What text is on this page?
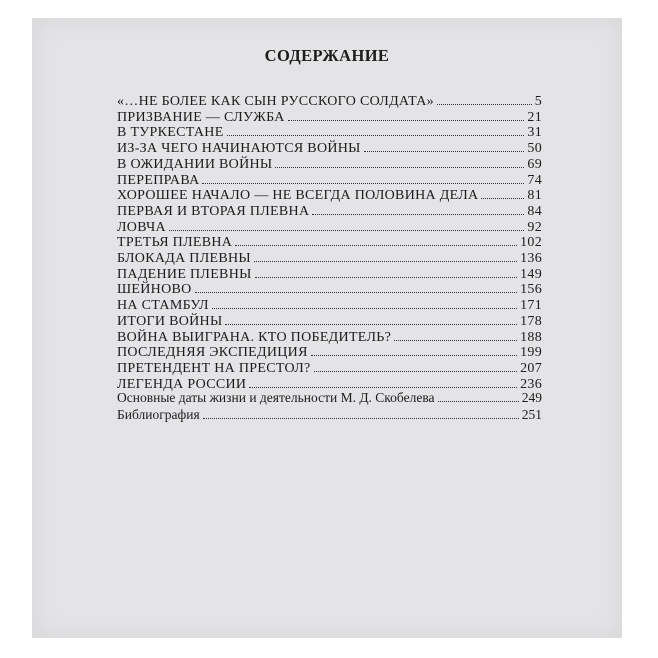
СОДЕРЖАНИЕ
«…НЕ БОЛЕЕ КАК СЫН РУССКОГО СОЛДАТА»	5
ПРИЗВАНИЕ — СЛУЖБА	21
В ТУРКЕСТАНЕ	31
ИЗ-ЗА ЧЕГО НАЧИНАЮТСЯ ВОЙНЫ	50
В ОЖИДАНИИ ВОЙНЫ	69
ПЕРЕПРАВА	74
ХОРОШЕЕ НАЧАЛО — НЕ ВСЕГДА ПОЛОВИНА ДЕЛА	81
ПЕРВАЯ И ВТОРАЯ ПЛЕВНА	84
ЛОВЧА	92
ТРЕТЬЯ ПЛЕВНА	102
БЛОКАДА ПЛЕВНЫ	136
ПАДЕНИЕ ПЛЕВНЫ	149
ШЕЙНОВО	156
НА СТАМБУЛ	171
ИТОГИ ВОЙНЫ	178
ВОЙНА ВЫИГРАНА. КТО ПОБЕДИТЕЛЬ?	188
ПОСЛЕДНЯЯ ЭКСПЕДИЦИЯ	199
ПРЕТЕНДЕНТ НА ПРЕСТОЛ?	207
ЛЕГЕНДА РОССИИ	236
Основные даты жизни и деятельности М. Д. Скобелева	249
Библиография	251
